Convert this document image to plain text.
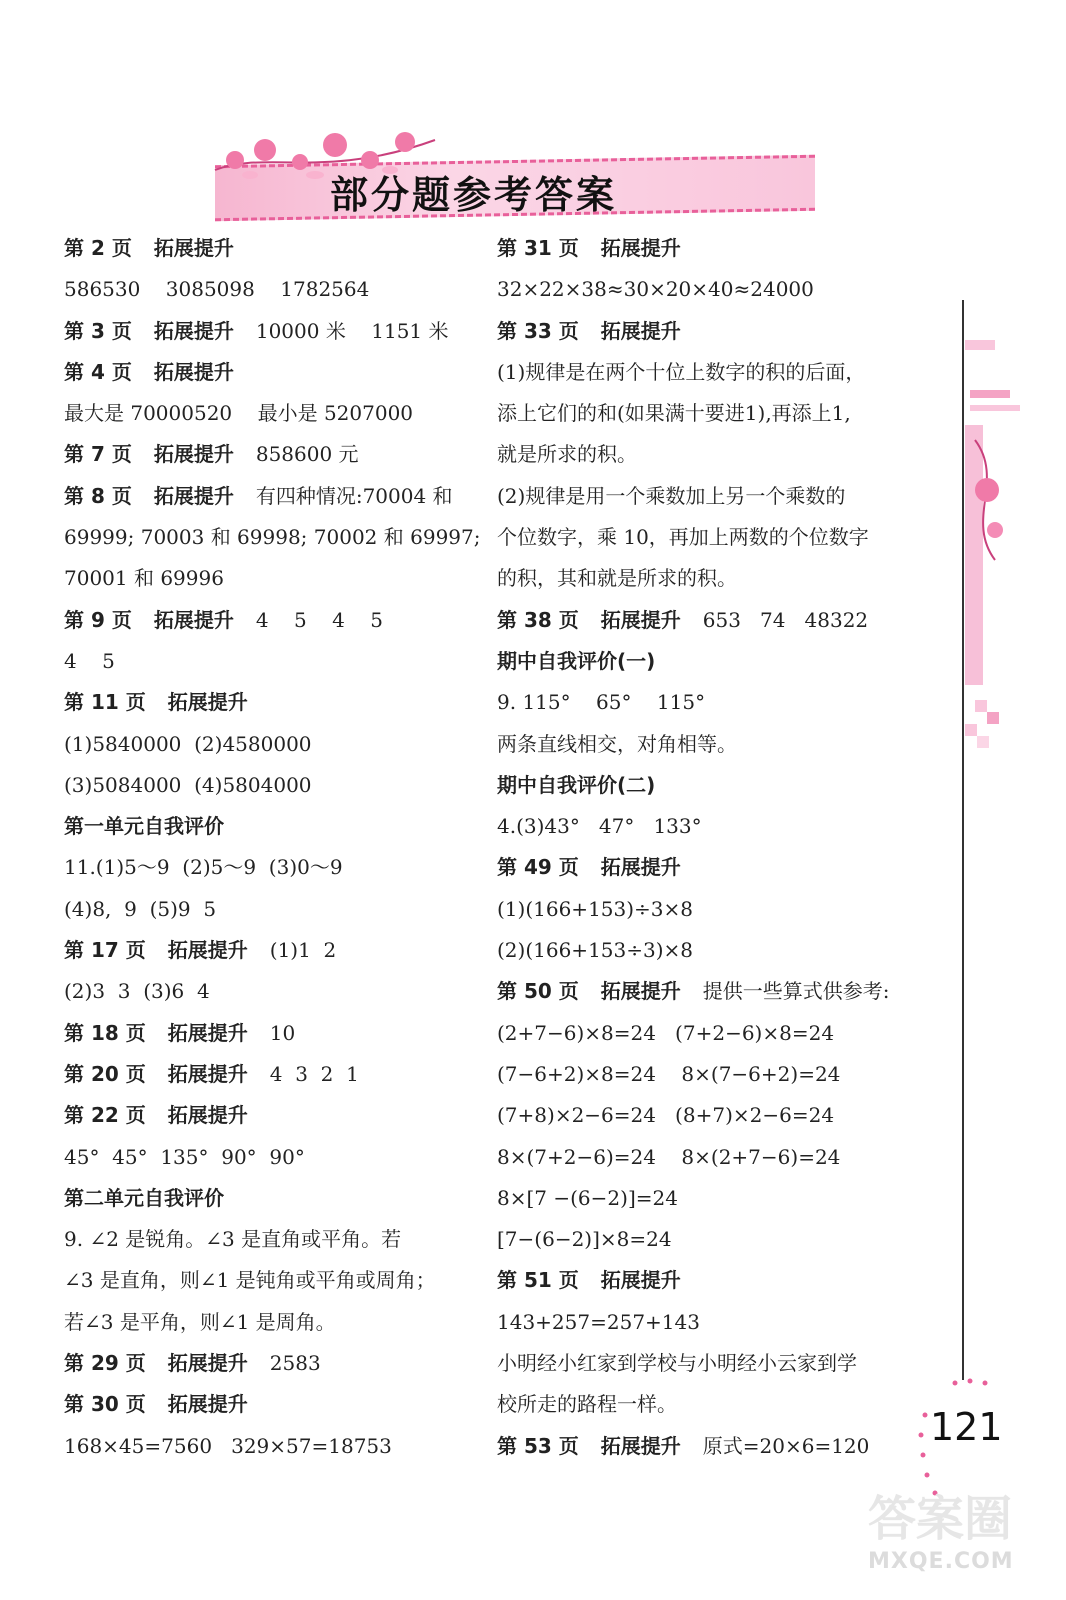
部分题参考答案
第 2 页 拓展提升
586530    3085098    1782564
第 3 页 拓展提升 10000 米    1151 米
第 4 页 拓展提升
最大是 70000520    最小是 5207000
第 7 页 拓展提升 858600 元
第 8 页 拓展提升 有四种情况:70004 和
69999; 70003 和 69998; 70002 和 69997;
70001 和 69996
第 9 页 拓展提升 4    5    4    5
4    5
第 11 页 拓展提升
(1)5840000  (2)4580000
(3)5084000  (4)5804000
第一单元自我评价
11.(1)5～9  (2)5～9  (3)0～9
(4)8,  9  (5)9  5
第 17 页 拓展提升 (1)1  2
(2)3  3  (3)6  4
第 18 页 拓展提升 10
第 20 页 拓展提升 4  3  2  1
第 22 页 拓展提升
45°  45°  135°  90°  90°
第二单元自我评价
9. ∠2 是锐角。∠3 是直角或平角。若
∠3 是直角，则∠1 是钝角或平角或周角；
若∠3 是平角，则∠1 是周角。
第 29 页 拓展提升 2583
第 30 页 拓展提升
168×45=7560   329×57=18753
第 31 页 拓展提升
32×22×38≈30×20×40≈24000
第 33 页 拓展提升
(1)规律是在两个十位上数字的积的后面，
添上它们的和(如果满十要进1),再添上1,
就是所求的积。
(2)规律是用一个乘数加上另一个乘数的
个位数字，乘 10，再加上两数的个位数字
的积，其和就是所求的积。
第 38 页 拓展提升 653   74   48322
期中自我评价(一)
9. 115°    65°    115°
两条直线相交，对角相等。
期中自我评价(二)
4.(3)43°   47°   133°
第 49 页 拓展提升
(1)(166+153)÷3×8
(2)(166+153÷3)×8
第 50 页 拓展提升 提供一些算式供参考:
(2+7−6)×8=24   (7+2−6)×8=24
(7−6+2)×8=24    8×(7−6+2)=24
(7+8)×2−6=24   (8+7)×2−6=24
8×(7+2−6)=24    8×(2+7−6)=24
8×[7 −(6−2)]=24
[7−(6−2)]×8=24
第 51 页 拓展提升
143+257=257+143
小明经小红家到学校与小明经小云家到学
校所走的路程一样。
第 53 页 拓展提升 原式=20×6=120	121
答案圈
MXQE.COM
